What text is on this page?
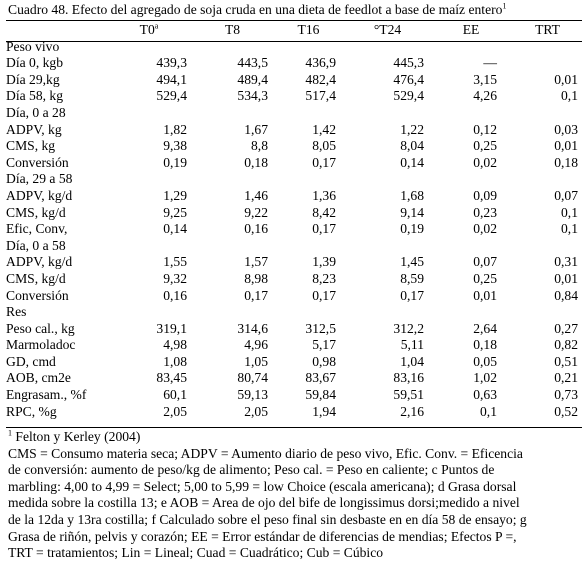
Cuadro 48. Efecto del agregado de soja cruda en una dieta de feedlot a base de maíz entero$^1$
	T0$^a$	T8	T16	°T24	EE	TRT
Peso vivo						
Día 0, kgb	439,3	443,5	436,9	445,3	—	
Día 29,kg	494,1	489,4	482,4	476,4	3,15	0,01
Día 58, kg	529,4	534,3	517,4	529,4	4,26	0,1
Día, 0 a 28						
ADPV, kg	1,82	1,67	1,42	1,22	0,12	0,03
CMS, kg	9,38	8,8	8,05	8,04	0,25	0,01
Conversión	0,19	0,18	0,17	0,14	0,02	0,18
Día, 29 a 58						
ADPV, kg/d	1,29	1,46	1,36	1,68	0,09	0,07
CMS, kg/d	9,25	9,22	8,42	9,14	0,23	0,1
Efic, Conv,	0,14	0,16	0,17	0,19	0,02	0,1
Día, 0 a 58						
ADPV, kg/d	1,55	1,57	1,39	1,45	0,07	0,31
CMS, kg/d	9,32	8,98	8,23	8,59	0,25	0,01
Conversión	0,16	0,17	0,17	0,17	0,01	0,84
Res						
Peso cal., kg	319,1	314,6	312,5	312,2	2,64	0,27
Marmoladoc	4,98	4,96	5,17	5,11	0,18	0,82
GD, cmd	1,08	1,05	0,98	1,04	0,05	0,51
AOB, cm2e	83,45	80,74	83,67	83,16	1,02	0,21
Engrasam., %f	60,1	59,13	59,84	59,51	0,63	0,73
RPC, %g	2,05	2,05	1,94	2,16	0,1	0,52
$^1$ Felton y Kerley (2004)
CMS = Consumo materia seca; ADPV = Aumento diario de peso vivo, Efic. Conv. = Eficencia
de conversión: aumento de peso/kg de alimento; Peso cal. = Peso en caliente; c Puntos de
marbling: 4,00 to 4,99 = Select; 5,00 to 5,99 = low Choice (escala americana); d Grasa dorsal
medida sobre la costilla 13; e AOB = Area de ojo del bife de longissimus dorsi;medido a nivel
de la 12da y 13ra costilla; f Calculado sobre el peso final sin desbaste en en día 58 de ensayo; g
Grasa de riñón, pelvis y corazón; EE = Error estándar de diferencias de mendias; Efectos P =,
TRT = tratamientos; Lin = Lineal; Cuad = Cuadrático; Cub = Cúbico
